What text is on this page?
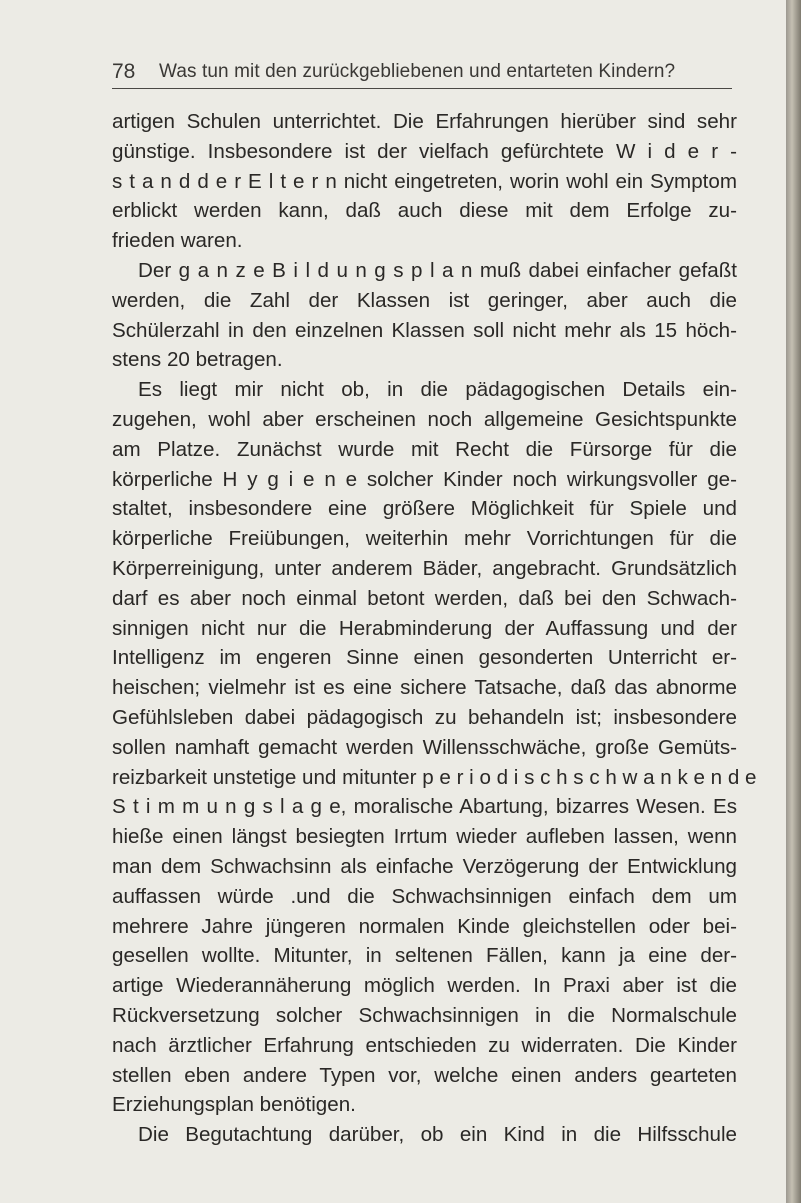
78 Was tun mit den zurückgebliebenen und entarteten Kindern?
artigen Schulen unterrichtet. Die Erfahrungen hierüber sind sehr
günstige. Insbesondere ist der vielfach gefürchtete W i d e r -
s t a n d d e r E l t e r n nicht eingetreten, worin wohl ein Symptom
erblickt werden kann, daß auch diese mit dem Erfolge zu-
frieden waren.
Der g a n z e B i l d u n g s p l a n muß dabei einfacher gefaßt
werden, die Zahl der Klassen ist geringer, aber auch die
Schülerzahl in den einzelnen Klassen soll nicht mehr als 15 höch-
stens 20 betragen.
Es liegt mir nicht ob, in die pädagogischen Details ein-
zugehen, wohl aber erscheinen noch allgemeine Gesichtspunkte
am Platze. Zunächst wurde mit Recht die Fürsorge für die
körperliche H y g i e n e solcher Kinder noch wirkungsvoller ge-
staltet, insbesondere eine größere Möglichkeit für Spiele und
körperliche Freiübungen, weiterhin mehr Vorrichtungen für die
Körperreinigung, unter anderem Bäder, angebracht. Grundsätzlich
darf es aber noch einmal betont werden, daß bei den Schwach-
sinnigen nicht nur die Herabminderung der Auffassung und der
Intelligenz im engeren Sinne einen gesonderten Unterricht er-
heischen; vielmehr ist es eine sichere Tatsache, daß das abnorme
Gefühlsleben dabei pädagogisch zu behandeln ist; insbesondere
sollen namhaft gemacht werden Willensschwäche, große Gemüts-
reizbarkeit unstetige und mitunter p e r i o d i s c h s c h w a n k e n d e
S t i m m u n g s l a g e, moralische Abartung, bizarres Wesen. Es
hieße einen längst besiegten Irrtum wieder aufleben lassen, wenn
man dem Schwachsinn als einfache Verzögerung der Entwicklung
auffassen würde .und die Schwachsinnigen einfach dem um
mehrere Jahre jüngeren normalen Kinde gleichstellen oder bei-
gesellen wollte. Mitunter, in seltenen Fällen, kann ja eine der-
artige Wiederannäherung möglich werden. In Praxi aber ist die
Rückversetzung solcher Schwachsinnigen in die Normalschule
nach ärztlicher Erfahrung entschieden zu widerraten. Die Kinder
stellen eben andere Typen vor, welche einen anders gearteten
Erziehungsplan benötigen.
Die Begutachtung darüber, ob ein Kind in die Hilfsschule
